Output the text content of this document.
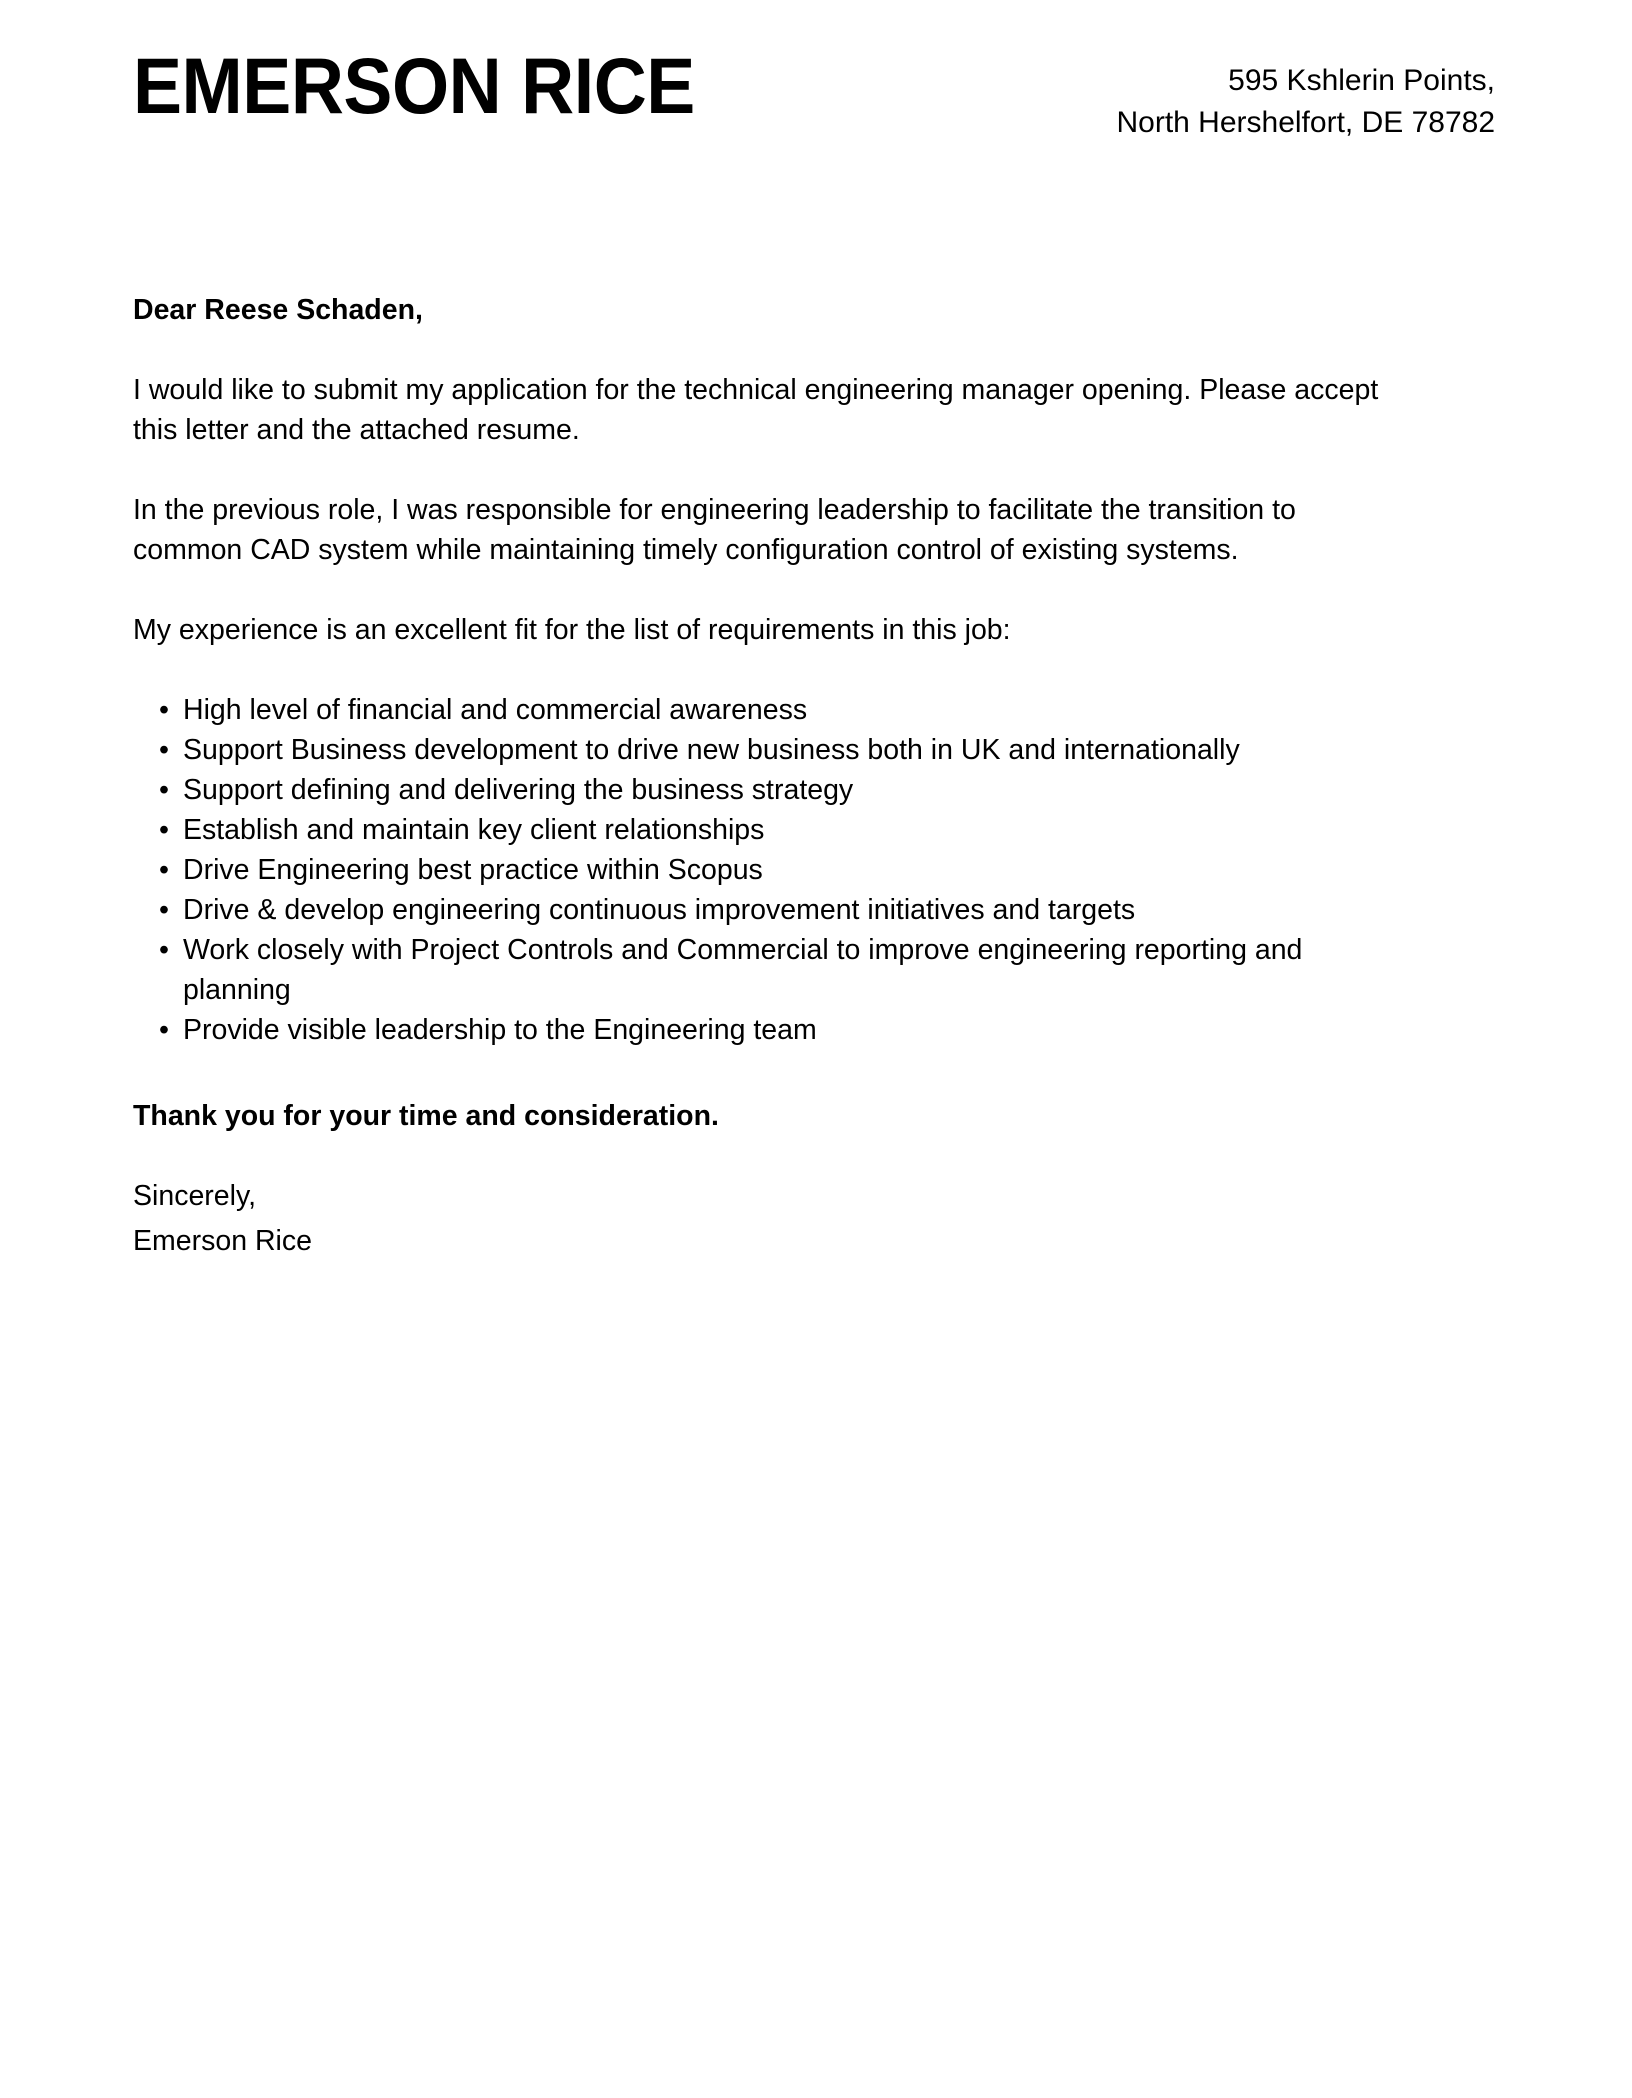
EMERSON RICE	595 Kshlerin Points,
North Hershelfort, DE 78782

Dear Reese Schaden,

I would like to submit my application for the technical engineering manager opening. Please accept this letter and the attached resume.

In the previous role, I was responsible for engineering leadership to facilitate the transition to common CAD system while maintaining timely configuration control of existing systems.

My experience is an excellent fit for the list of requirements in this job:

• High level of financial and commercial awareness
• Support Business development to drive new business both in UK and internationally
• Support defining and delivering the business strategy
• Establish and maintain key client relationships
• Drive Engineering best practice within Scopus
• Drive & develop engineering continuous improvement initiatives and targets
• Work closely with Project Controls and Commercial to improve engineering reporting and planning
• Provide visible leadership to the Engineering team

Thank you for your time and consideration.

Sincerely,
Emerson Rice
